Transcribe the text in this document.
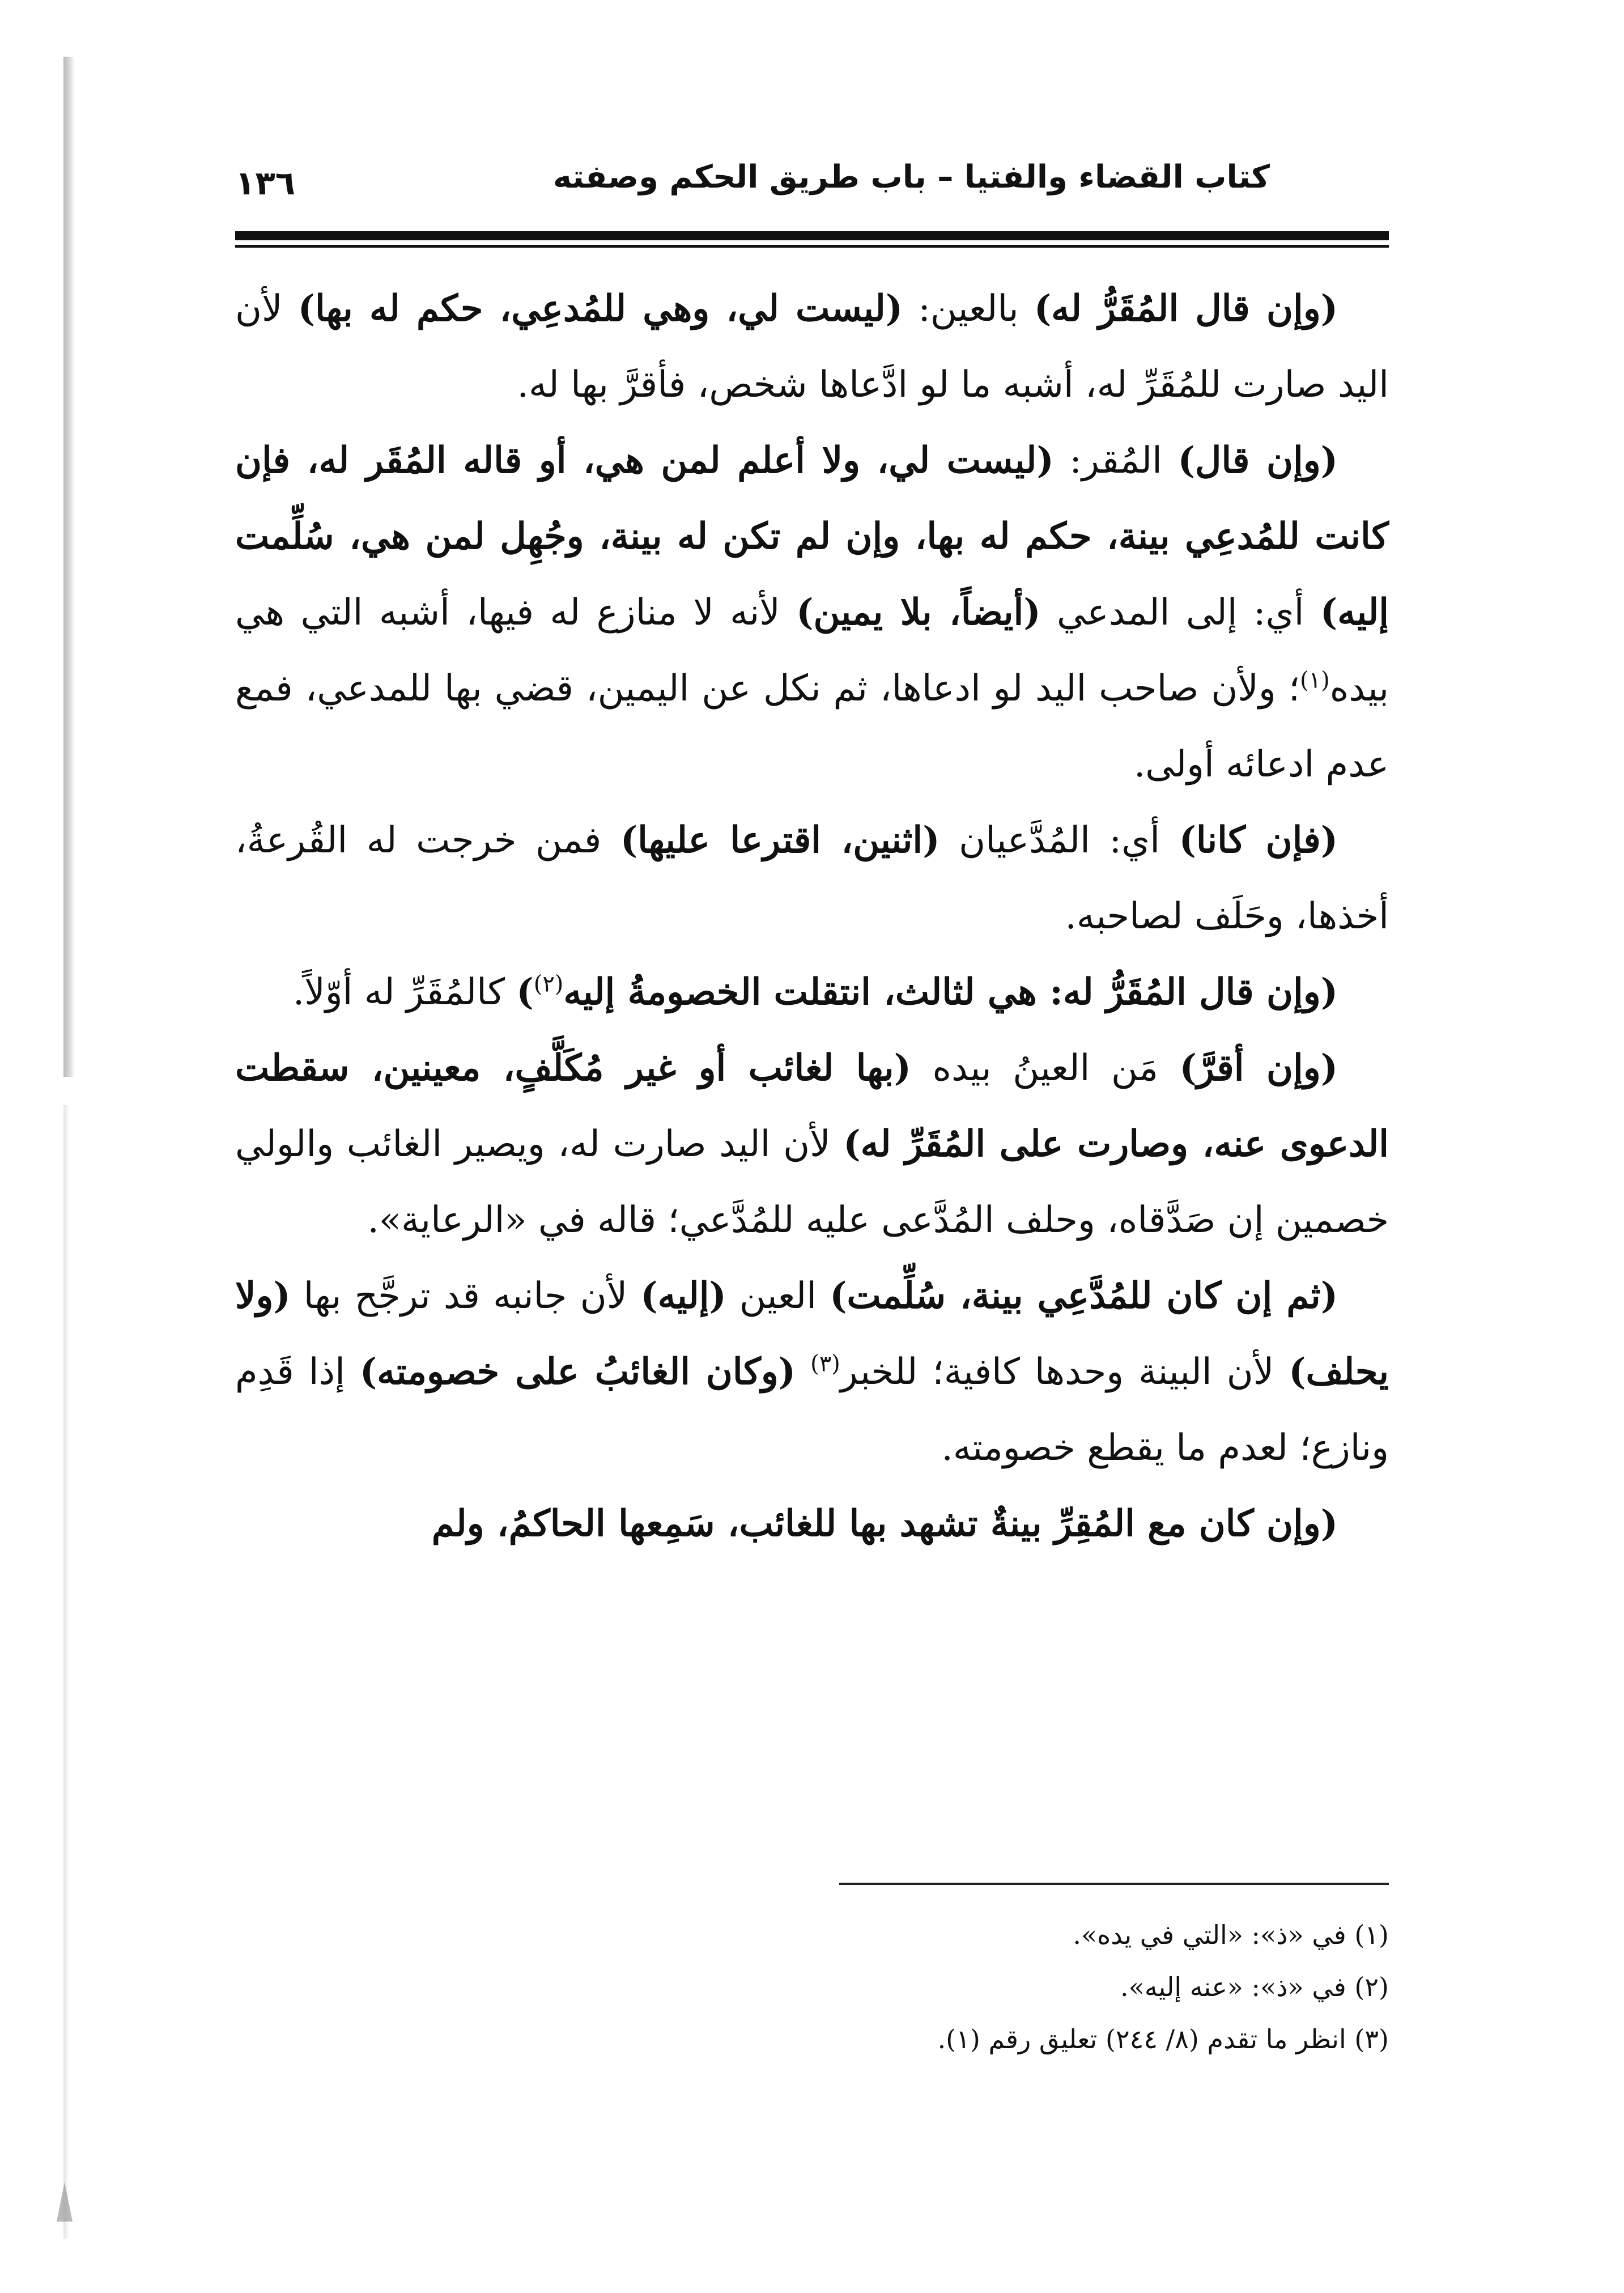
كتاب القضاء والفتيا – باب طريق الحكم وصفته
١٣٦

(وإن قال المُقَرُّ له) بالعين: (ليست لي، وهي للمُدعِي، حكم له بها) لأن اليد صارت للمُقَرِّ له، أشبه ما لو ادَّعاها شخص، فأقرَّ بها له.

(وإن قال) المُقر: (ليست لي، ولا أعلم لمن هي، أو قاله المُقَر له، فإن كانت للمُدعِي بينة، حكم له بها، وإن لم تكن له بينة، وجُهِل لمن هي، سُلِّمت إليه) أي: إلى المدعي (أيضاً، بلا يمين) لأنه لا منازع له فيها، أشبه التي هي بيده$^{(١)}$؛ ولأن صاحب اليد لو ادعاها، ثم نكل عن اليمين، قضي بها للمدعي، فمع عدم ادعائه أولى.

(فإن كانا) أي: المُدَّعيان (اثنين، اقترعا عليها) فمن خرجت له القُرعةُ، أخذها، وحَلَف لصاحبه.

(وإن قال المُقَرُّ له: هي لثالث، انتقلت الخصومةُ إليه$^{(٢)}$) كالمُقَرِّ له أوّلاً.

(وإن أقرَّ) مَن العينُ بيده (بها لغائب أو غير مُكَلَّفٍ، معينين، سقطت الدعوى عنه، وصارت على المُقَرِّ له) لأن اليد صارت له، ويصير الغائب والولي خصمين إن صَدَّقاه، وحلف المُدَّعى عليه للمُدَّعي؛ قاله في «الرعاية».

(ثم إن كان للمُدَّعِي بينة، سُلِّمت) العين (إليه) لأن جانبه قد ترجَّح بها (ولا يحلف) لأن البينة وحدها كافية؛ للخبر$^{(٣)}$ (وكان الغائبُ على خصومته) إذا قَدِم ونازع؛ لعدم ما يقطع خصومته.

(وإن كان مع المُقِرِّ بينةٌ تشهد بها للغائب، سَمِعها الحاكمُ، ولم

(١) في «ذ»: «التي في يده».

(٢) في «ذ»: «عنه إليه».

(٣) انظر ما تقدم (٨/ ٢٤٤) تعليق رقم (١).
